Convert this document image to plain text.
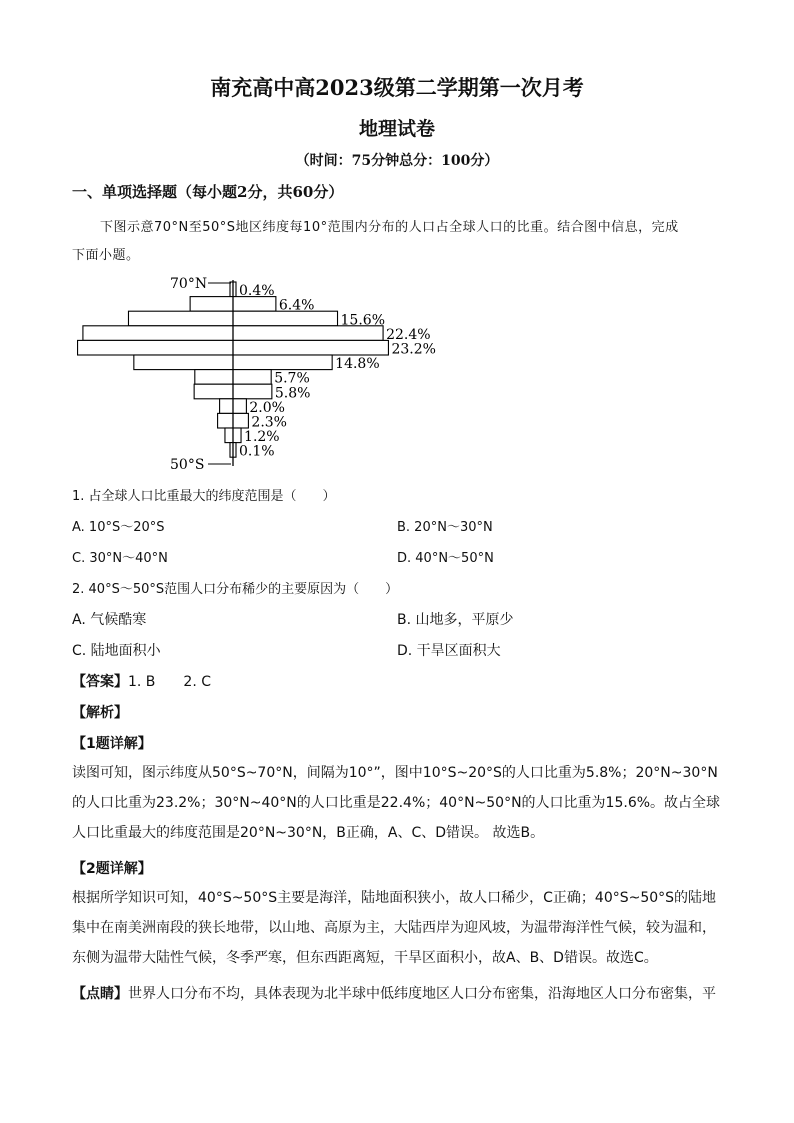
南充高中高2023级第二学期第一次月考
地理试卷
（时间：75分钟总分：100分）
一、单项选择题（每小题2分，共60分）
下图示意70°N至50°S地区纬度每10°范围内分布的人口占全球人口的比重。结合图中信息，完成
下面小题。
70°N
50°S
0.4%
6.4%
15.6%
22.4%
23.2%
14.8%
5.7%
5.8%
2.0%
2.3%
1.2%
0.1%
1. 占全球人口比重最大的纬度范围是（　　）
A. 10°S～20°S	B. 20°N～30°N
C. 30°N～40°N	D. 40°N～50°N
2. 40°S～50°S范围人口分布稀少的主要原因为（　　）
A. 气候酷寒	B. 山地多，平原少
C. 陆地面积小	D. 干旱区面积大
【答案】1. B　　2. C
【解析】
【1题详解】
读图可知，图示纬度从50°S~70°N，间隔为10°”，图中10°S~20°S的人口比重为5.8%；20°N~30°N的人口比重为23.2%；30°N~40°N的人口比重是22.4%；40°N~50°N的人口比重为15.6%。故占全球人口比重最大的纬度范围是20°N~30°N，B正确，A、C、D错误。 故选B。
【2题详解】
根据所学知识可知，40°S~50°S主要是海洋，陆地面积狭小，故人口稀少，C正确；40°S~50°S的陆地集中在南美洲南段的狭长地带，以山地、高原为主，大陆西岸为迎风坡，为温带海洋性气候，较为温和，东侧为温带大陆性气候，冬季严寒，但东西距离短，干旱区面积小，故A、B、D错误。故选C。
【点睛】世界人口分布不均，具体表现为北半球中低纬度地区人口分布密集，沿海地区人口分布密集，平
